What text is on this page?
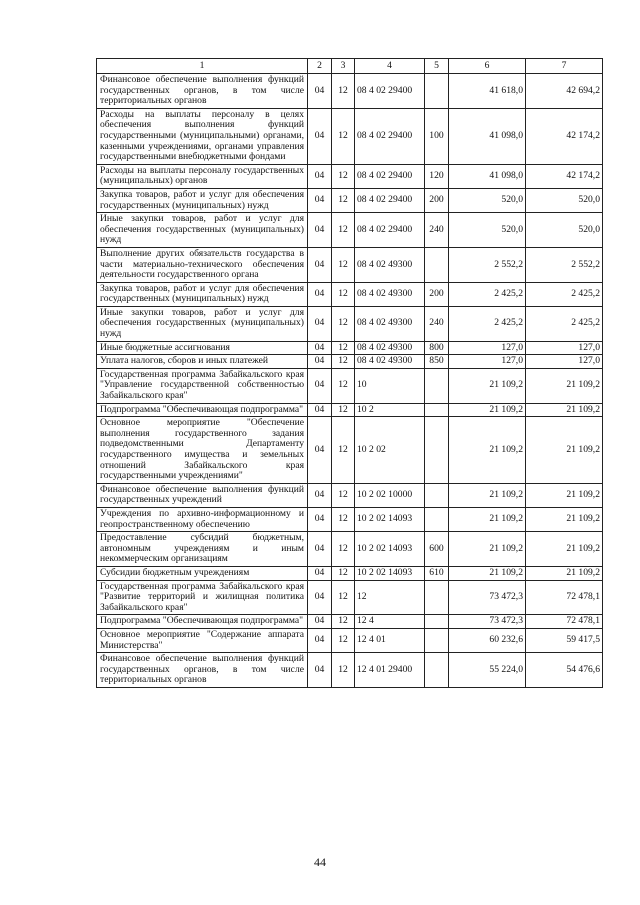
1	2	3	4	5	6	7
Финансовое обеспечение выполнения функций государственных органов, в том числе территориальных органов	04	12	08 4 02 29400		41 618,0	42 694,2
Расходы на выплаты персоналу в целях обеспечения выполнения функций государственными (муниципальными) органами, казенными учреждениями, органами управления государственными внебюджетными фондами	04	12	08 4 02 29400	100	41 098,0	42 174,2
Расходы на выплаты персоналу государственных (муниципальных) органов	04	12	08 4 02 29400	120	41 098,0	42 174,2
Закупка товаров, работ и услуг для обеспечения государственных (муниципальных) нужд	04	12	08 4 02 29400	200	520,0	520,0
Иные закупки товаров, работ и услуг для обеспечения государственных (муниципальных) нужд	04	12	08 4 02 29400	240	520,0	520,0
Выполнение других обязательств государства в части материально-технического обеспечения деятельности государственного органа	04	12	08 4 02 49300		2 552,2	2 552,2
Закупка товаров, работ и услуг для обеспечения государственных (муниципальных) нужд	04	12	08 4 02 49300	200	2 425,2	2 425,2
Иные закупки товаров, работ и услуг для обеспечения государственных (муниципальных) нужд	04	12	08 4 02 49300	240	2 425,2	2 425,2
Иные бюджетные ассигнования	04	12	08 4 02 49300	800	127,0	127,0
Уплата налогов, сборов и иных платежей	04	12	08 4 02 49300	850	127,0	127,0
Государственная программа Забайкальского края "Управление государственной собственностью Забайкальского края"	04	12	10		21 109,2	21 109,2
Подпрограмма "Обеспечивающая подпрограмма"	04	12	10 2		21 109,2	21 109,2
Основное мероприятие "Обеспечение выполнения государственного задания подведомственными Департаменту государственного имущества и земельных отношений Забайкальского края государственными учреждениями"	04	12	10 2 02		21 109,2	21 109,2
Финансовое обеспечение выполнения функций государственных учреждений	04	12	10 2 02 10000		21 109,2	21 109,2
Учреждения по архивно-информационному и геопространственному обеспечению	04	12	10 2 02 14093		21 109,2	21 109,2
Предоставление субсидий бюджетным, автономным учреждениям и иным некоммерческим организациям	04	12	10 2 02 14093	600	21 109,2	21 109,2
Субсидии бюджетным учреждениям	04	12	10 2 02 14093	610	21 109,2	21 109,2
Государственная программа Забайкальского края "Развитие территорий и жилищная политика Забайкальского края"	04	12	12		73 472,3	72 478,1
Подпрограмма "Обеспечивающая подпрограмма"	04	12	12 4		73 472,3	72 478,1
Основное мероприятие "Содержание аппарата Министерства"	04	12	12 4 01		60 232,6	59 417,5
Финансовое обеспечение выполнения функций государственных органов, в том числе территориальных органов	04	12	12 4 01 29400		55 224,0	54 476,6
44
